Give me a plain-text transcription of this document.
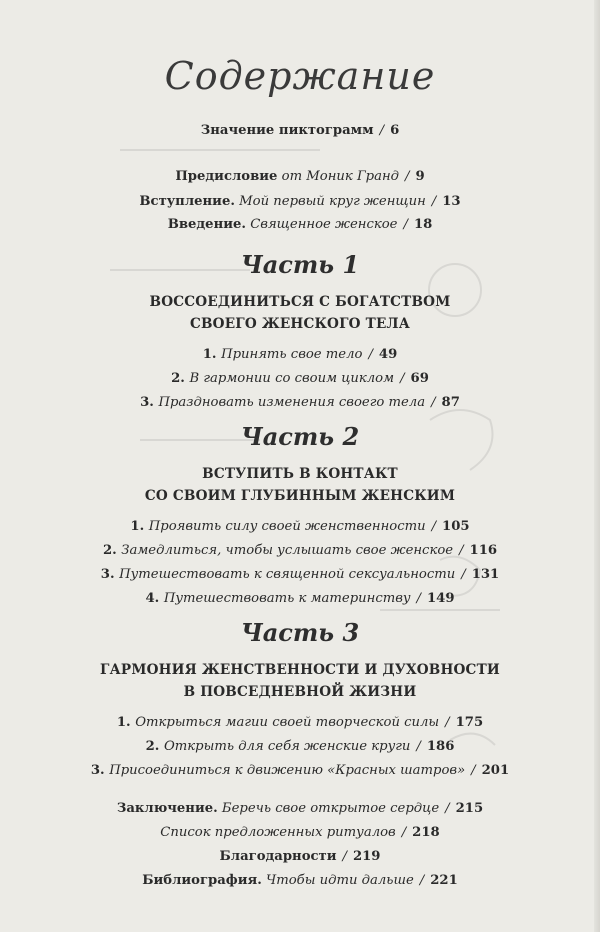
Содержание
Значение пиктограмм / 6
Предисловие от Моник Гранд / 9
Вступление. Мой первый круг женщин / 13
Введение. Священное женское / 18
Часть 1
ВОССОЕДИНИТЬСЯ С БОГАТСТВОМ
СВОЕГО ЖЕНСКОГО ТЕЛА
1. Принять свое тело / 49
2. В гармонии со своим циклом / 69
3. Праздновать изменения своего тела / 87
Часть 2
ВСТУПИТЬ В КОНТАКТ
СО СВОИМ ГЛУБИННЫМ ЖЕНСКИМ
1. Проявить силу своей женственности / 105
2. Замедлиться, чтобы услышать свое женское / 116
3. Путешествовать к священной сексуальности / 131
4. Путешествовать к материнству / 149
Часть 3
ГАРМОНИЯ ЖЕНСТВЕННОСТИ И ДУХОВНОСТИ
В ПОВСЕДНЕВНОЙ ЖИЗНИ
1. Открыться магии своей творческой силы / 175
2. Открыть для себя женские круги / 186
3. Присоединиться к движению «Красных шатров» / 201
Заключение. Беречь свое открытое сердце / 215
Список предложенных ритуалов / 218
Благодарности / 219
Библиография. Чтобы идти дальше / 221
